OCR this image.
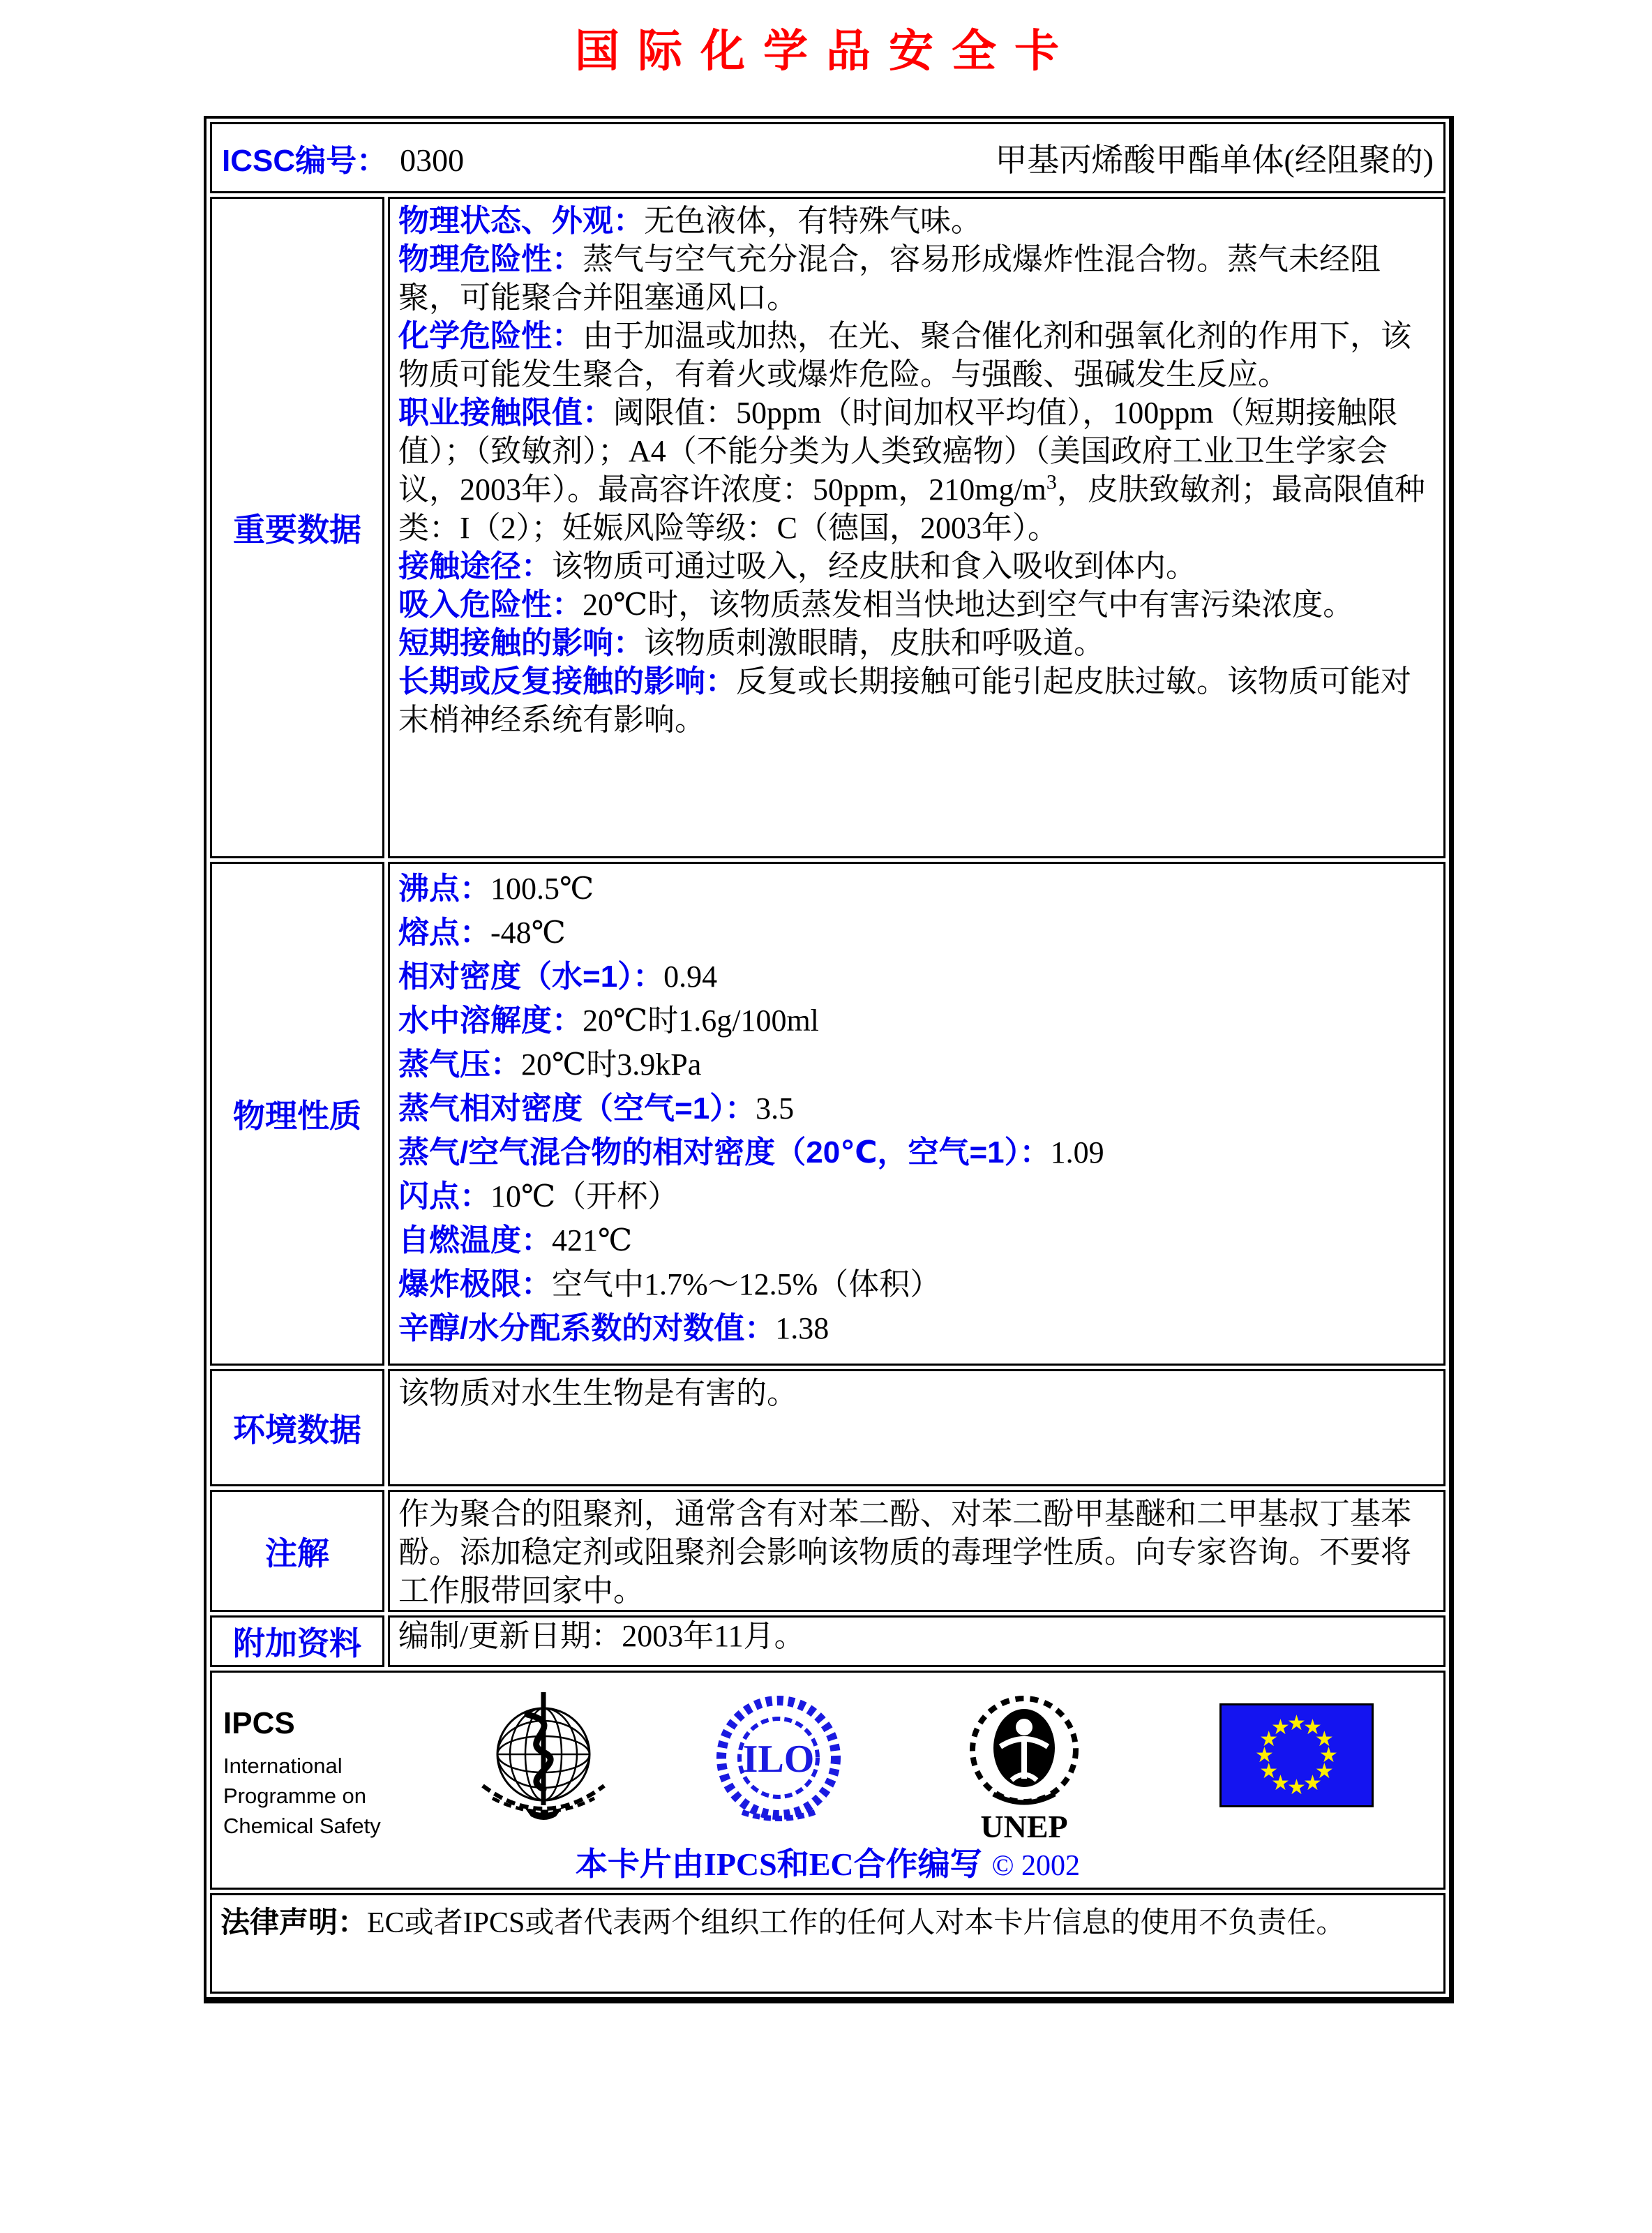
国际化学品安全卡
ICSC编号： 0300 甲基丙烯酸甲酯单体(经阻聚的)	

重要数据	
物理状态、外观：无色液体，有特殊气味。
物理危险性：蒸气与空气充分混合，容易形成爆炸性混合物。蒸气未经阻聚，可能聚合并阻塞通风口。
化学危险性：由于加温或加热，在光、聚合催化剂和强氧化剂的作用下，该物质可能发生聚合，有着火或爆炸危险。与强酸、强碱发生反应。
职业接触限值：阈限值：50ppm（时间加权平均值），100ppm（短期接触限值）；（致敏剂）；A4（不能分类为人类致癌物）（美国政府工业卫生学家会议，2003年）。最高容许浓度：50ppm，$210mg/m^3$，皮肤致敏剂；最高限值种类：I（2）；妊娠风险等级：C（德国，2003年）。
接触途径：该物质可通过吸入，经皮肤和食入吸收到体内。
吸入危险性：20℃时，该物质蒸发相当快地达到空气中有害污染浓度。
短期接触的影响：该物质刺激眼睛，皮肤和呼吸道。
长期或反复接触的影响：反复或长期接触可能引起皮肤过敏。该物质可能对末梢神经系统有影响。

物理性质	
沸点：100.5℃
熔点：-48℃
相对密度（水=1）：0.94
水中溶解度：20℃时1.6g/100ml
蒸气压：20℃时3.9kPa
蒸气相对密度（空气=1）：3.5
蒸气/空气混合物的相对密度（20℃，空气=1）：1.09
闪点：10℃（开杯）
自燃温度：421℃
爆炸极限：空气中1.7%～12.5%（体积）
辛醇/水分配系数的对数值：1.38

环境数据	该物质对水生生物是有害的。
注解	作为聚合的阻聚剂，通常含有对苯二酚、对苯二酚甲基醚和二甲基叔丁基苯酚。添加稳定剂或阻聚剂会影响该物质的毒理学性质。向专家咨询。不要将工作服带回家中。
附加资料	编制/更新日期：2003年11月。

IPCS
International
Programme on
Chemical Safety
ILO
UNEP
★
★
★
★
★
★
★
★
★
★
★
★
本卡片由IPCS和EC合作编写 © 2002

法律声明：EC或者IPCS或者代表两个组织工作的任何人对本卡片信息的使用不负责任。	
